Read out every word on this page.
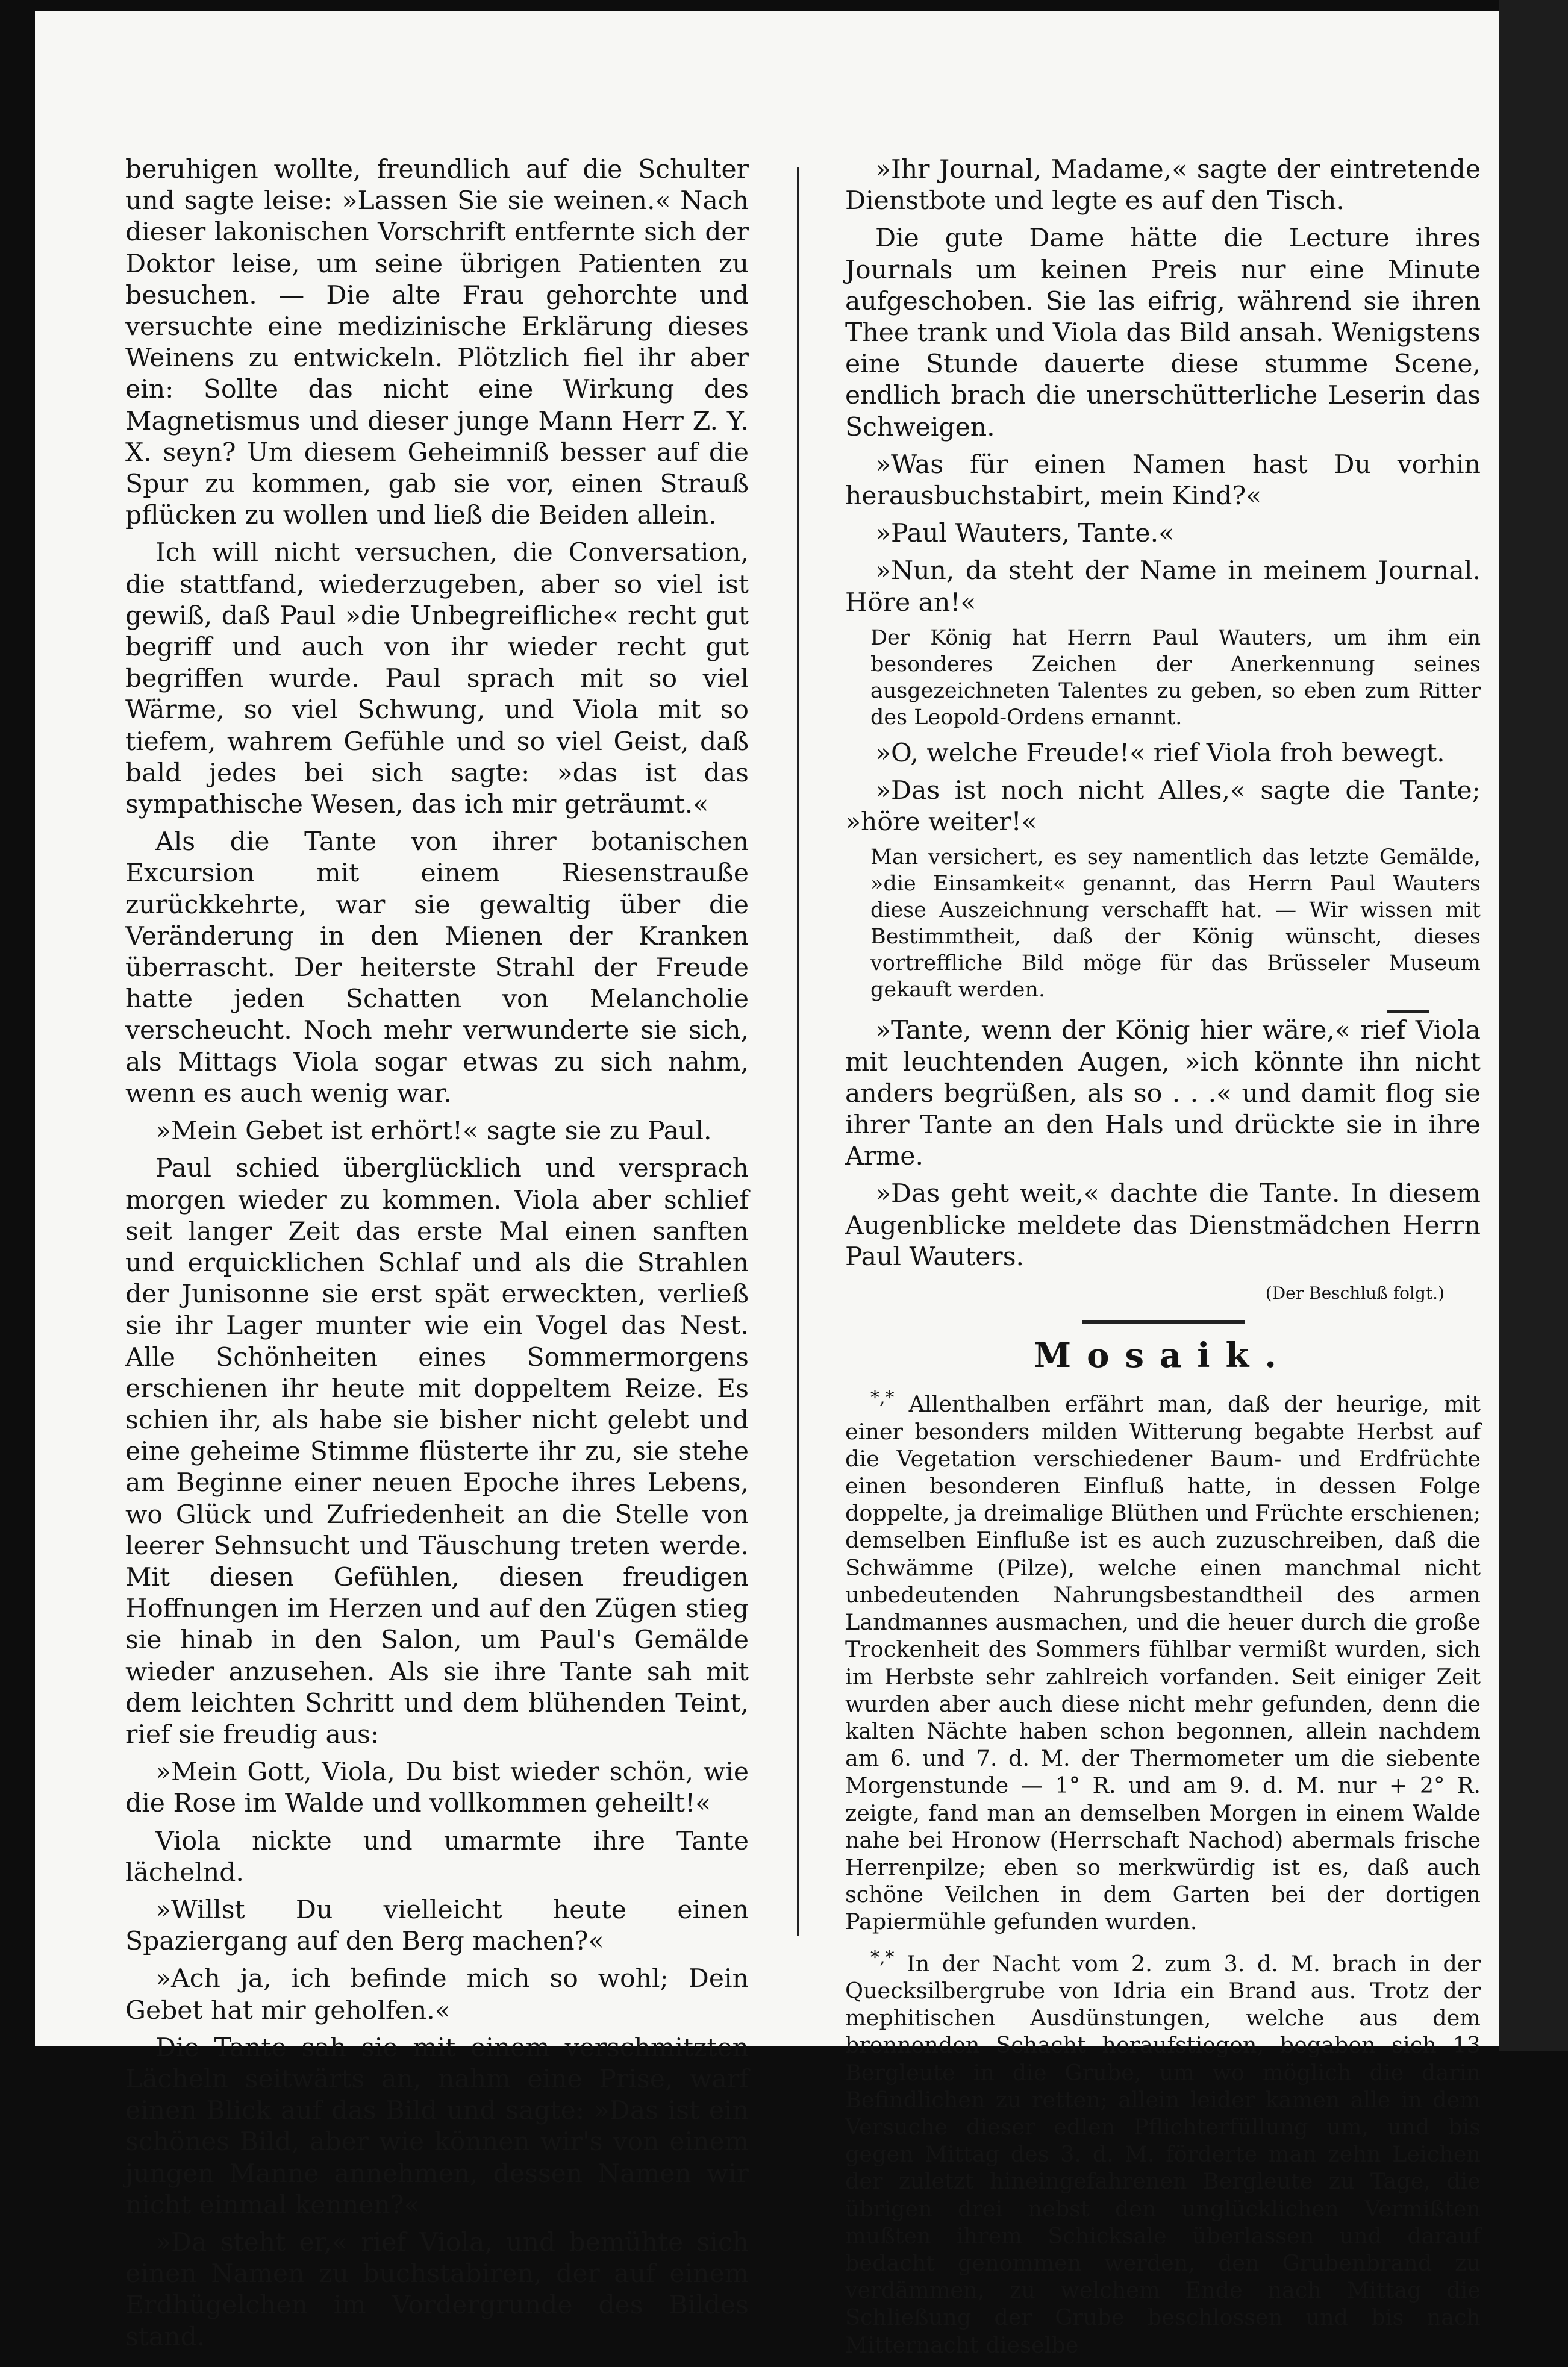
beruhigen wollte, freundlich auf die Schulter und sagte leise: »Lassen Sie sie weinen.« Nach dieser lakonischen Vorschrift entfernte sich der Doktor leise, um seine übrigen Patienten zu besuchen. — Die alte Frau gehorchte und versuchte eine medizinische Erklärung dieses Weinens zu entwickeln. Plötzlich fiel ihr aber ein: Sollte das nicht eine Wirkung des Magnetismus und dieser junge Mann Herr Z. Y. X. seyn? Um diesem Geheimniß besser auf die Spur zu kommen, gab sie vor, einen Strauß pflücken zu wollen und ließ die Beiden allein.

Ich will nicht versuchen, die Conversation, die stattfand, wiederzugeben, aber so viel ist gewiß, daß Paul »die Unbegreifliche« recht gut begriff und auch von ihr wieder recht gut begriffen wurde. Paul sprach mit so viel Wärme, so viel Schwung, und Viola mit so tiefem, wahrem Gefühle und so viel Geist, daß bald jedes bei sich sagte: »das ist das sympathische Wesen, das ich mir geträumt.«

Als die Tante von ihrer botanischen Excursion mit einem Riesenstrauße zurückkehrte, war sie gewaltig über die Veränderung in den Mienen der Kranken überrascht. Der heiterste Strahl der Freude hatte jeden Schatten von Melancholie verscheucht. Noch mehr verwunderte sie sich, als Mittags Viola sogar etwas zu sich nahm, wenn es auch wenig war.

»Mein Gebet ist erhört!« sagte sie zu Paul.

Paul schied überglücklich und versprach morgen wieder zu kommen. Viola aber schlief seit langer Zeit das erste Mal einen sanften und erquicklichen Schlaf und als die Strahlen der Junisonne sie erst spät erweckten, verließ sie ihr Lager munter wie ein Vogel das Nest. Alle Schönheiten eines Sommermorgens erschienen ihr heute mit doppeltem Reize. Es schien ihr, als habe sie bisher nicht gelebt und eine geheime Stimme flüsterte ihr zu, sie stehe am Beginne einer neuen Epoche ihres Lebens, wo Glück und Zufriedenheit an die Stelle von leerer Sehnsucht und Täuschung treten werde. Mit diesen Gefühlen, diesen freudigen Hoffnungen im Herzen und auf den Zügen stieg sie hinab in den Salon, um Paul's Gemälde wieder anzusehen. Als sie ihre Tante sah mit dem leichten Schritt und dem blühenden Teint, rief sie freudig aus:

»Mein Gott, Viola, Du bist wieder schön, wie die Rose im Walde und vollkommen geheilt!«

Viola nickte und umarmte ihre Tante lächelnd.

»Willst Du vielleicht heute einen Spaziergang auf den Berg machen?«

»Ach ja, ich befinde mich so wohl; Dein Gebet hat mir geholfen.«

Die Tante sah sie mit einem verschmitzten Lächeln seitwärts an, nahm eine Prise, warf einen Blick auf das Bild und sagte: »Das ist ein schönes Bild, aber wie können wir's von einem jungen Manne annehmen, dessen Namen wir nicht einmal kennen?«

»Da steht er,« rief Viola, und bemühte sich einen Namen zu buchstabiren, der auf einem Erdhügelchen im Vordergrunde des Bildes stand.

»Ihr Journal, Madame,« sagte der eintretende Dienstbote und legte es auf den Tisch.

Die gute Dame hätte die Lecture ihres Journals um keinen Preis nur eine Minute aufgeschoben. Sie las eifrig, während sie ihren Thee trank und Viola das Bild ansah. Wenigstens eine Stunde dauerte diese stumme Scene, endlich brach die unerschütterliche Leserin das Schweigen.

»Was für einen Namen hast Du vorhin herausbuchstabirt, mein Kind?«

»Paul Wauters, Tante.«

»Nun, da steht der Name in meinem Journal. Höre an!«

Der König hat Herrn Paul Wauters, um ihm ein besonderes Zeichen der Anerkennung seines ausgezeichneten Talentes zu geben, so eben zum Ritter des Leopold-Ordens ernannt.

»O, welche Freude!« rief Viola froh bewegt.

»Das ist noch nicht Alles,« sagte die Tante; »höre weiter!«

Man versichert, es sey namentlich das letzte Gemälde, »die Einsamkeit« genannt, das Herrn Paul Wauters diese Auszeichnung verschafft hat. — Wir wissen mit Bestimmtheit, daß der König wünscht, dieses vortreffliche Bild möge für das Brüsseler Museum gekauft werden.

»Tante, wenn der König hier wäre,« rief Viola mit leuchtenden Augen, »ich könnte ihn nicht anders begrüßen, als so . . .« und damit flog sie ihrer Tante an den Hals und drückte sie in ihre Arme.

»Das geht weit,« dachte die Tante. In diesem Augenblicke meldete das Dienstmädchen Herrn Paul Wauters.

(Der Beschluß folgt.)
Mosaik.

*,* Allenthalben erfährt man, daß der heurige, mit einer besonders milden Witterung begabte Herbst auf die Vegetation verschiedener Baum- und Erdfrüchte einen besonderen Einfluß hatte, in dessen Folge doppelte, ja dreimalige Blüthen und Früchte erschienen; demselben Einfluße ist es auch zuzuschreiben, daß die Schwämme (Pilze), welche einen manchmal nicht unbedeutenden Nahrungsbestandtheil des armen Landmannes ausmachen, und die heuer durch die große Trockenheit des Sommers fühlbar vermißt wurden, sich im Herbste sehr zahlreich vorfanden. Seit einiger Zeit wurden aber auch diese nicht mehr gefunden, denn die kalten Nächte haben schon begonnen, allein nachdem am 6. und 7. d. M. der Thermometer um die siebente Morgenstunde — 1° R. und am 9. d. M. nur + 2° R. zeigte, fand man an demselben Morgen in einem Walde nahe bei Hronow (Herrschaft Nachod) abermals frische Herrenpilze; eben so merkwürdig ist es, daß auch schöne Veilchen in dem Garten bei der dortigen Papiermühle gefunden wurden.

*,* In der Nacht vom 2. zum 3. d. M. brach in der Quecksilbergrube von Idria ein Brand aus. Trotz der mephitischen Ausdünstungen, welche aus dem brennenden Schacht heraufstiegen, begaben sich 13 Bergleute in die Grube, um wo möglich die darin Befindlichen zu retten; allein leider kamen alle in dem Versuche dieser edlen Pflichterfüllung um, und bis gegen Mittag des 3. d. M. förderte man zehn Leichen der zuletzt hineingefahrenen Bergleute zu Tage, die übrigen drei nebst den unglücklichen Vermißten mußten ihrem Schicksale überlassen und darauf bedacht genommen werden, den Grubenbrand zu verdämmen, zu welchem Ende nach Mittag die Schließung der Grube beschlossen und bis nach Mitternacht dieselbe
